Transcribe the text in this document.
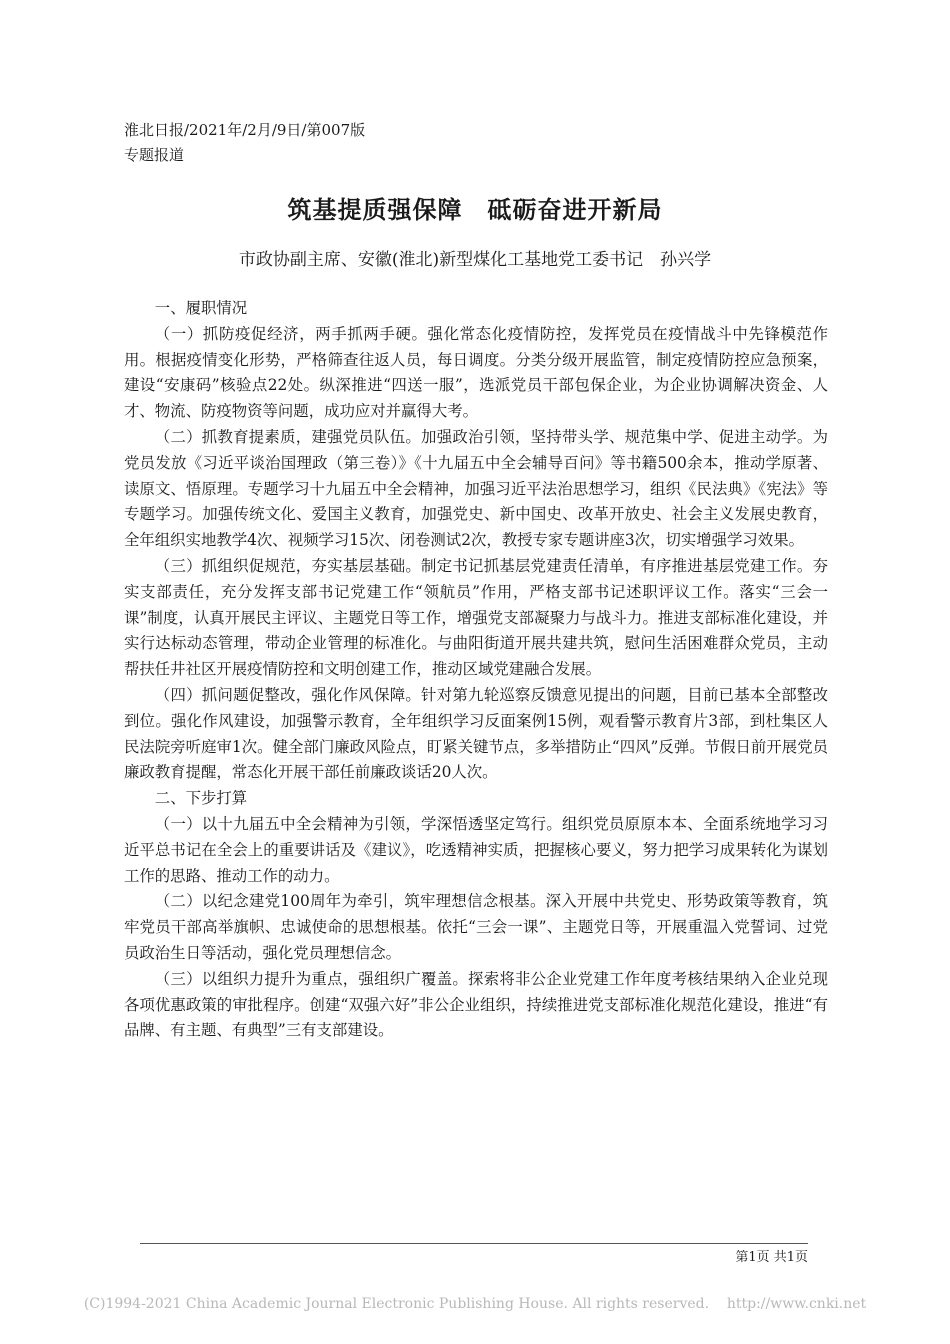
淮北日报/2021年/2月/9日/第007版
专题报道
筑基提质强保障　砥砺奋进开新局
市政协副主席、安徽(淮北)新型煤化工基地党工委书记　孙兴学
一、履职情况

（一）抓防疫促经济，两手抓两手硬。强化常态化疫情防控，发挥党员在疫情战斗中先锋模范作用。根据疫情变化形势，严格筛查往返人员，每日调度。分类分级开展监管，制定疫情防控应急预案，建设“安康码”核验点22处。纵深推进“四送一服”，选派党员干部包保企业，为企业协调解决资金、人才、物流、防疫物资等问题，成功应对并赢得大考。

（二）抓教育提素质，建强党员队伍。加强政治引领，坚持带头学、规范集中学、促进主动学。为党员发放《习近平谈治国理政（第三卷）》《十九届五中全会辅导百问》等书籍500余本，推动学原著、读原文、悟原理。专题学习十九届五中全会精神，加强习近平法治思想学习，组织《民法典》《宪法》等专题学习。加强传统文化、爱国主义教育，加强党史、新中国史、改革开放史、社会主义发展史教育，全年组织实地教学4次、视频学习15次、闭卷测试2次，教授专家专题讲座3次，切实增强学习效果。

（三）抓组织促规范，夯实基层基础。制定书记抓基层党建责任清单，有序推进基层党建工作。夯实支部责任，充分发挥支部书记党建工作“领航员”作用，严格支部书记述职评议工作。落实“三会一课”制度，认真开展民主评议、主题党日等工作，增强党支部凝聚力与战斗力。推进支部标准化建设，并实行达标动态管理，带动企业管理的标准化。与曲阳街道开展共建共筑，慰问生活困难群众党员，主动帮扶任井社区开展疫情防控和文明创建工作，推动区域党建融合发展。

（四）抓问题促整改，强化作风保障。针对第九轮巡察反馈意见提出的问题，目前已基本全部整改到位。强化作风建设，加强警示教育，全年组织学习反面案例15例，观看警示教育片3部，到杜集区人民法院旁听庭审1次。健全部门廉政风险点，盯紧关键节点，多举措防止“四风”反弹。节假日前开展党员廉政教育提醒，常态化开展干部任前廉政谈话20人次。

二、下步打算

（一）以十九届五中全会精神为引领，学深悟透坚定笃行。组织党员原原本本、全面系统地学习习近平总书记在全会上的重要讲话及《建议》，吃透精神实质，把握核心要义，努力把学习成果转化为谋划工作的思路、推动工作的动力。

（二）以纪念建党100周年为牵引，筑牢理想信念根基。深入开展中共党史、形势政策等教育，筑牢党员干部高举旗帜、忠诚使命的思想根基。依托“三会一课”、主题党日等，开展重温入党誓词、过党员政治生日等活动，强化党员理想信念。

（三）以组织力提升为重点，强组织广覆盖。探索将非公企业党建工作年度考核结果纳入企业兑现各项优惠政策的审批程序。创建“双强六好”非公企业组织，持续推进党支部标准化规范化建设，推进“有品牌、有主题、有典型”三有支部建设。

第1页 共1页
(C)1994-2021 China Academic Journal Electronic Publishing House. All rights reserved.    http://www.cnki.net
